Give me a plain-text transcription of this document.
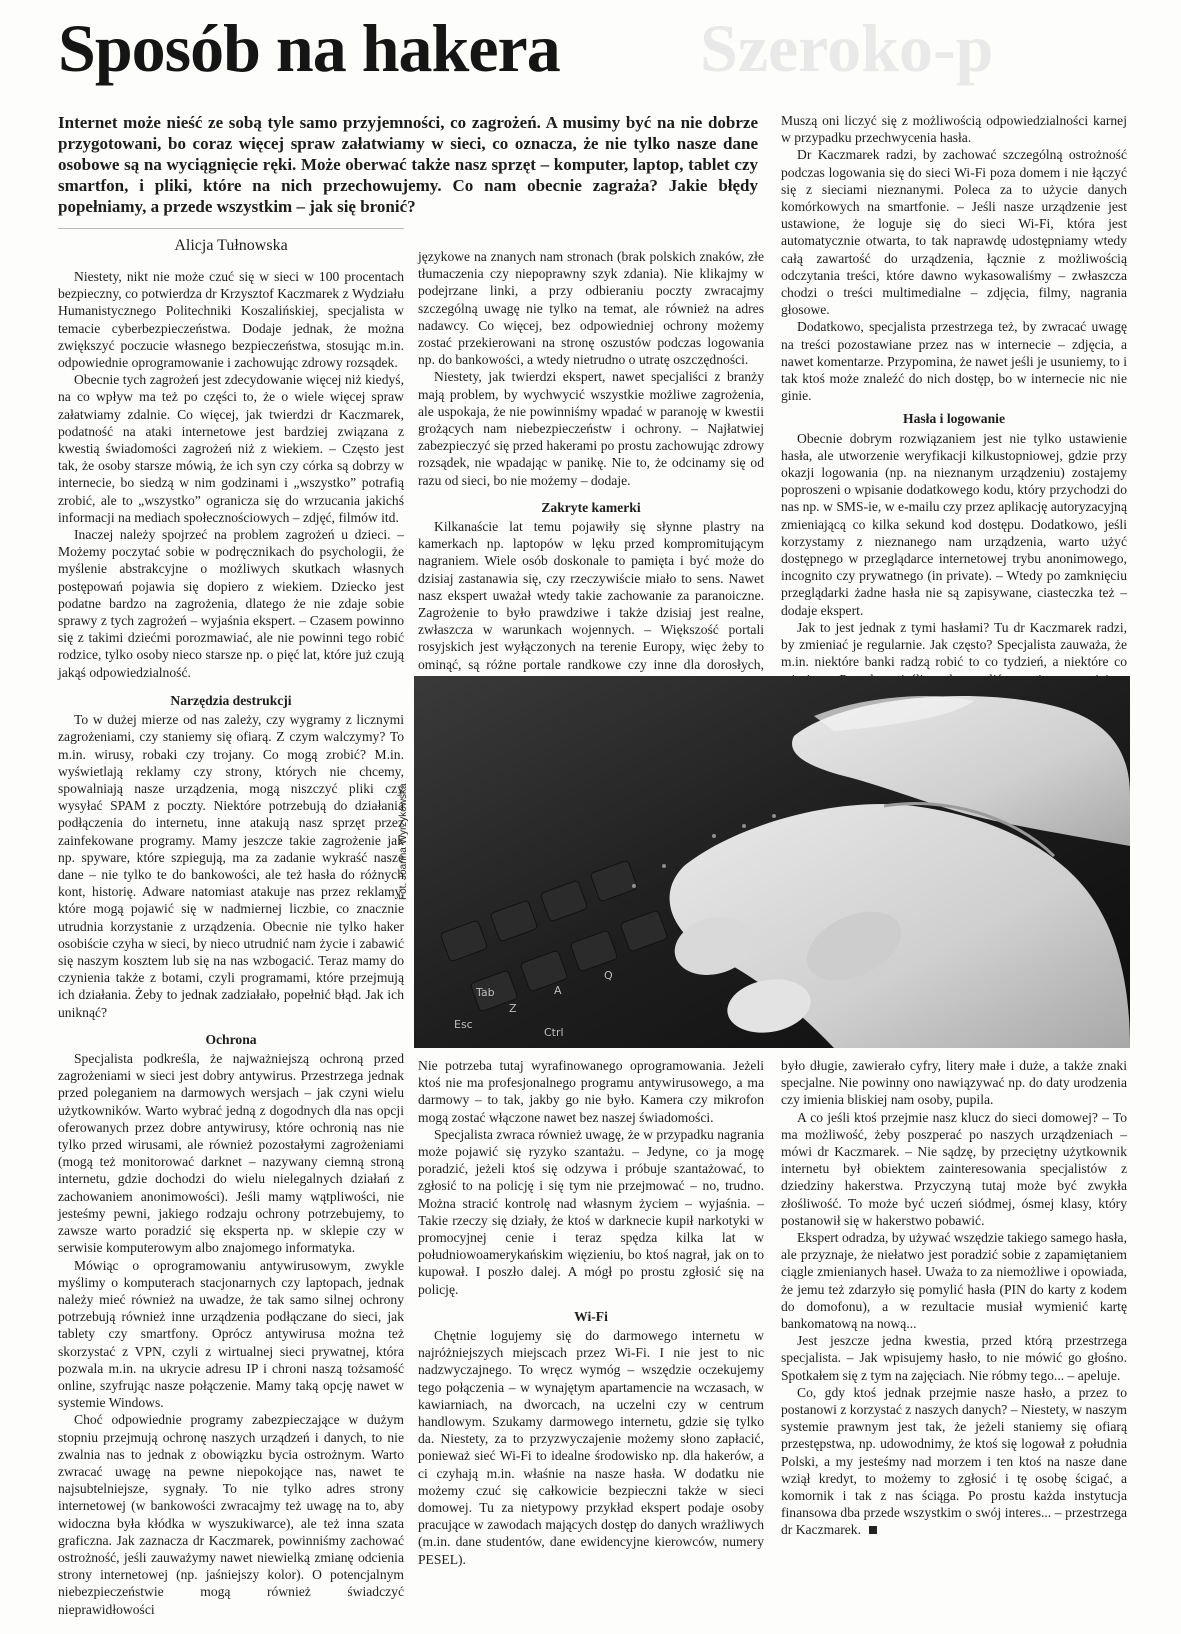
Szeroko-p
Sposób na hakera
Internet może nieść ze sobą tyle samo przyjemności, co zagrożeń. A musimy być na nie dobrze przygotowani, bo coraz więcej spraw załatwiamy w sieci, co oznacza, że nie tylko nasze dane osobowe są na wyciągnięcie ręki. Może oberwać także nasz sprzęt – komputer, laptop, tablet czy smartfon, i pliki, które na nich przechowujemy. Co nam obecnie zagraża? Jakie błędy popełniamy, a przede wszystkim – jak się bronić?
Alicja Tułnowska

Niestety, nikt nie może czuć się w sieci w 100 procentach bezpieczny, co potwierdza dr Krzysztof Kaczmarek z Wydziału Humanistycznego Politechniki Koszalińskiej, specjalista w temacie cyberbezpieczeństwa. Dodaje jednak, że można zwiększyć poczucie własnego bezpieczeństwa, stosując m.in. odpowiednie oprogramowanie i zachowując zdrowy rozsądek.

Obecnie tych zagrożeń jest zdecydowanie więcej niż kiedyś, na co wpływ ma też po części to, że o wiele więcej spraw załatwiamy zdalnie. Co więcej, jak twierdzi dr Kaczmarek, podatność na ataki internetowe jest bardziej związana z kwestią świadomości zagrożeń niż z wiekiem. – Często jest tak, że osoby starsze mówią, że ich syn czy córka są dobrzy w internecie, bo siedzą w nim godzinami i „wszystko” potrafią zrobić, ale to „wszystko” ogranicza się do wrzucania jakichś informacji na mediach społecznościowych – zdjęć, filmów itd.

Inaczej należy spojrzeć na problem zagrożeń u dzieci. – Możemy poczytać sobie w podręcznikach do psychologii, że myślenie abstrakcyjne o możliwych skutkach własnych postępowań pojawia się dopiero z wiekiem. Dziecko jest podatne bardzo na zagrożenia, dlatego że nie zdaje sobie sprawy z tych zagrożeń – wyjaśnia ekspert. – Czasem powinno się z takimi dziećmi porozmawiać, ale nie powinni tego robić rodzice, tylko osoby nieco starsze np. o pięć lat, które już czują jakąś odpowiedzialność.

językowe na znanych nam stronach (brak polskich znaków, złe tłumaczenia czy niepoprawny szyk zdania). Nie klikajmy w podejrzane linki, a przy odbieraniu poczty zwracajmy szczególną uwagę nie tylko na temat, ale również na adres nadawcy. Co więcej, bez odpowiedniej ochrony możemy zostać przekierowani na stronę oszustów podczas logowania np. do bankowości, a wtedy nietrudno o utratę oszczędności.

Niestety, jak twierdzi ekspert, nawet specjaliści z branży mają problem, by wychwycić wszystkie możliwe zagrożenia, ale uspokaja, że nie powinniśmy wpadać w paranoję w kwestii grożących nam niebezpieczeństw i ochrony. – Najłatwiej zabezpieczyć się przed hakerami po prostu zachowując zdrowy rozsądek, nie wpadając w panikę. Nie to, że odcinamy się od razu od sieci, bo nie możemy – dodaje.

Zakryte kamerki

Kilkanaście lat temu pojawiły się słynne plastry na kamerkach np. laptopów w lęku przed kompromitującym nagraniem. Wiele osób doskonale to pamięta i być może do dzisiaj zastanawia się, czy rzeczywiście miało to sens. Nawet nasz ekspert uważał wtedy takie zachowanie za paranoiczne. Zagrożenie to było prawdziwe i także dzisiaj jest realne, zwłaszcza w warunkach wojennych. – Większość portali rosyjskich jest wyłączonych na terenie Europy, więc żeby to ominąć, są różne portale randkowe czy inne dla dorosłych,

Muszą oni liczyć się z możliwością odpowiedzialności karnej w przypadku przechwycenia hasła.

Dr Kaczmarek radzi, by zachować szczególną ostrożność podczas logowania się do sieci Wi-Fi poza domem i nie łączyć się z sieciami nieznanymi. Poleca za to użycie danych komórkowych na smartfonie. – Jeśli nasze urządzenie jest ustawione, że loguje się do sieci Wi-Fi, która jest automatycznie otwarta, to tak naprawdę udostępniamy wtedy całą zawartość do urządzenia, łącznie z możliwością odczytania treści, które dawno wykasowaliśmy – zwłaszcza chodzi o treści multimedialne – zdjęcia, filmy, nagrania głosowe.

Dodatkowo, specjalista przestrzega też, by zwracać uwagę na treści pozostawiane przez nas w internecie – zdjęcia, a nawet komentarze. Przypomina, że nawet jeśli je usuniemy, to i tak ktoś może znaleźć do nich dostęp, bo w internecie nic nie ginie.

Hasła i logowanie

Obecnie dobrym rozwiązaniem jest nie tylko ustawienie hasła, ale utworzenie weryfikacji kilkustopniowej, gdzie przy okazji logowania (np. na nieznanym urządzeniu) zostajemy poproszeni o wpisanie dodatkowego kodu, który przychodzi do nas np. w SMS-ie, w e-mailu czy przez aplikację autoryzacyjną zmieniającą co kilka sekund kod dostępu. Dodatkowo, jeśli korzystamy z nieznanego nam urządzenia, warto użyć dostępnego w przeglądarce internetowej trybu anonimowego, incognito czy prywatnego (in private). – Wtedy po zamknięciu przeglądarki żadne hasła nie są zapisywane, ciasteczka też – dodaje ekspert.

Jak to jest jednak z tymi hasłami? Tu dr Kaczmarek radzi, by zmieniać je regularnie. Jak często? Specjalista zauważa, że m.in. niektóre banki radzą robić to co tydzień, a niektóre co

Narzędzia destrukcji

To w dużej mierze od nas zależy, czy wygramy z licznymi zagrożeniami, czy staniemy się ofiarą. Z czym walczymy? To m.in. wirusy, robaki czy trojany. Co mogą zrobić? M.in. wyświetlają reklamy czy strony, których nie chcemy, spowalniają nasze urządzenia, mogą niszczyć pliki czy wysyłać SPAM z poczty. Niektóre potrzebują do działania podłączenia do internetu, inne atakują nasz sprzęt przez zainfekowane programy. Mamy jeszcze takie zagrożenie jak np. spyware, które szpiegują, ma za zadanie wykraść nasze dane – nie tylko te do bankowości, ale też hasła do różnych kont, historię. Adware natomiast atakuje nas przez reklamy, które mogą pojawić się w nadmiernej liczbie, co znacznie utrudnia korzystanie z urządzenia. Obecnie nie tylko haker osobiście czyha w sieci, by nieco utrudnić nam życie i zabawić się naszym kosztem lub się na nas wzbogacić. Teraz mamy do czynienia także z botami, czyli programami, które przejmują ich działania. Żeby to jednak zadziałało, popełnić błąd. Jak ich uniknąć?

Ochrona

Specjalista podkreśla, że najważniejszą ochroną przed zagrożeniami w sieci jest dobry antywirus. Przestrzega jednak przed poleganiem na darmowych wersjach – jak czyni wielu użytkowników. Warto wybrać jedną z dogodnych dla nas opcji oferowanych przez dobre antywirusy, które ochronią nas nie tylko przed wirusami, ale również pozostałymi zagrożeniami (mogą też monitorować darknet – nazywany ciemną stroną internetu, gdzie dochodzi do wielu nielegalnych działań z zachowaniem anonimowości). Jeśli mamy wątpliwości, nie jesteśmy pewni, jakiego rodzaju ochrony potrzebujemy, to zawsze warto poradzić się eksperta np. w sklepie czy w serwisie komputerowym albo znajomego informatyka.

Mówiąc o oprogramowaniu antywirusowym, zwykle myślimy o komputerach stacjonarnych czy laptopach, jednak należy mieć również na uwadze, że tak samo silnej ochrony potrzebują również inne urządzenia podłączane do sieci, jak tablety czy smartfony. Oprócz antywirusa można też skorzystać z VPN, czyli z wirtualnej sieci prywatnej, która pozwala m.in. na ukrycie adresu IP i chroni naszą tożsamość online, szyfrując nasze połączenie. Mamy taką opcję nawet w systemie Windows.

Choć odpowiednie programy zabezpieczające w dużym stopniu przejmują ochronę naszych urządzeń i danych, to nie zwalnia nas to jednak z obowiązku bycia ostrożnym. Warto zwracać uwagę na pewne niepokojące nas, nawet te najsubtelniejsze, sygnały. To nie tylko adres strony internetowej (w bankowości zwracajmy też uwagę na to, aby widoczna była kłódka w wyszukiwarce), ale też inna szata graficzna. Jak zaznacza dr Kaczmarek, powinniśmy zachować ostrożność, jeśli zauważymy nawet niewielką zmianę odcienia strony internetowej (np. jaśniejszy kolor). O potencjalnym niebezpieczeństwie mogą również świadczyć nieprawidłowości

Q
A
Z
Esc
Tab
Ctrl
Fot. Joanna Wyrzykowska

Nie potrzeba tutaj wyrafinowanego oprogramowania. Jeżeli ktoś nie ma profesjonalnego programu antywirusowego, a ma darmowy – to tak, jakby go nie było. Kamera czy mikrofon mogą zostać włączone nawet bez naszej świadomości.

Specjalista zwraca również uwagę, że w przypadku nagrania może pojawić się ryzyko szantażu. – Jedyne, co ja mogę poradzić, jeżeli ktoś się odzywa i próbuje szantażować, to zgłosić to na policję i się tym nie przejmować – no, trudno. Można stracić kontrolę nad własnym życiem – wyjaśnia. – Takie rzeczy się działy, że ktoś w darknecie kupił narkotyki w promocyjnej cenie i teraz spędza kilka lat w południowoamerykańskim więzieniu, bo ktoś nagrał, jak on to kupował. I poszło dalej. A mógł po prostu zgłosić się na policję.

Wi-Fi

Chętnie logujemy się do darmowego internetu w najróżniejszych miejscach przez Wi-Fi. I nie jest to nic nadzwyczajnego. To wręcz wymóg – wszędzie oczekujemy tego połączenia – w wynajętym apartamencie na wczasach, w kawiarniach, na dworcach, na uczelni czy w centrum handlowym. Szukamy darmowego internetu, gdzie się tylko da. Niestety, za to przyzwyczajenie możemy słono zapłacić, ponieważ sieć Wi-Fi to idealne środowisko np. dla hakerów, a ci czyhają m.in. właśnie na nasze hasła. W dodatku nie możemy czuć się całkowicie bezpieczni także w sieci domowej. Tu za nietypowy przykład ekspert podaje osoby pracujące w zawodach mających dostęp do danych wrażliwych (m.in. dane studentów, dane ewidencyjne kierowców, numery PESEL).

było długie, zawierało cyfry, litery małe i duże, a także znaki specjalne. Nie powinny ono nawiązywać np. do daty urodzenia czy imienia bliskiej nam osoby, pupila.

A co jeśli ktoś przejmie nasz klucz do sieci domowej? – To ma możliwość, żeby poszperać po naszych urządzeniach – mówi dr Kaczmarek. – Nie sądzę, by przeciętny użytkownik internetu był obiektem zainteresowania specjalistów z dziedziny hakerstwa. Przyczyną tutaj może być zwykła złośliwość. To może być uczeń siódmej, ósmej klasy, który postanowił się w hakerstwo pobawić.

Ekspert odradza, by używać wszędzie takiego samego hasła, ale przyznaje, że niełatwo jest poradzić sobie z zapamiętaniem ciągle zmienianych haseł. Uważa to za niemożliwe i opowiada, że jemu też zdarzyło się pomylić hasła (PIN do karty z kodem do domofonu), a w rezultacie musiał wymienić kartę bankomatową na nową...

Jest jeszcze jedna kwestia, przed którą przestrzega specjalista. – Jak wpisujemy hasło, to nie mówić go głośno. Spotkałem się z tym na zajęciach. Nie róbmy tego... – apeluje.

Co, gdy ktoś jednak przejmie nasze hasło, a przez to postanowi z korzystać z naszych danych? – Niestety, w naszym systemie prawnym jest tak, że jeżeli staniemy się ofiarą przestępstwa, np. udowodnimy, że ktoś się logował z południa Polski, a my jesteśmy nad morzem i ten ktoś na nasze dane wziął kredyt, to możemy to zgłosić i tę osobę ścigać, a komornik i tak z nas ściąga. Po prostu każda instytucja finansowa dba przede wszystkim o swój interes... – przestrzega dr Kaczmarek.
